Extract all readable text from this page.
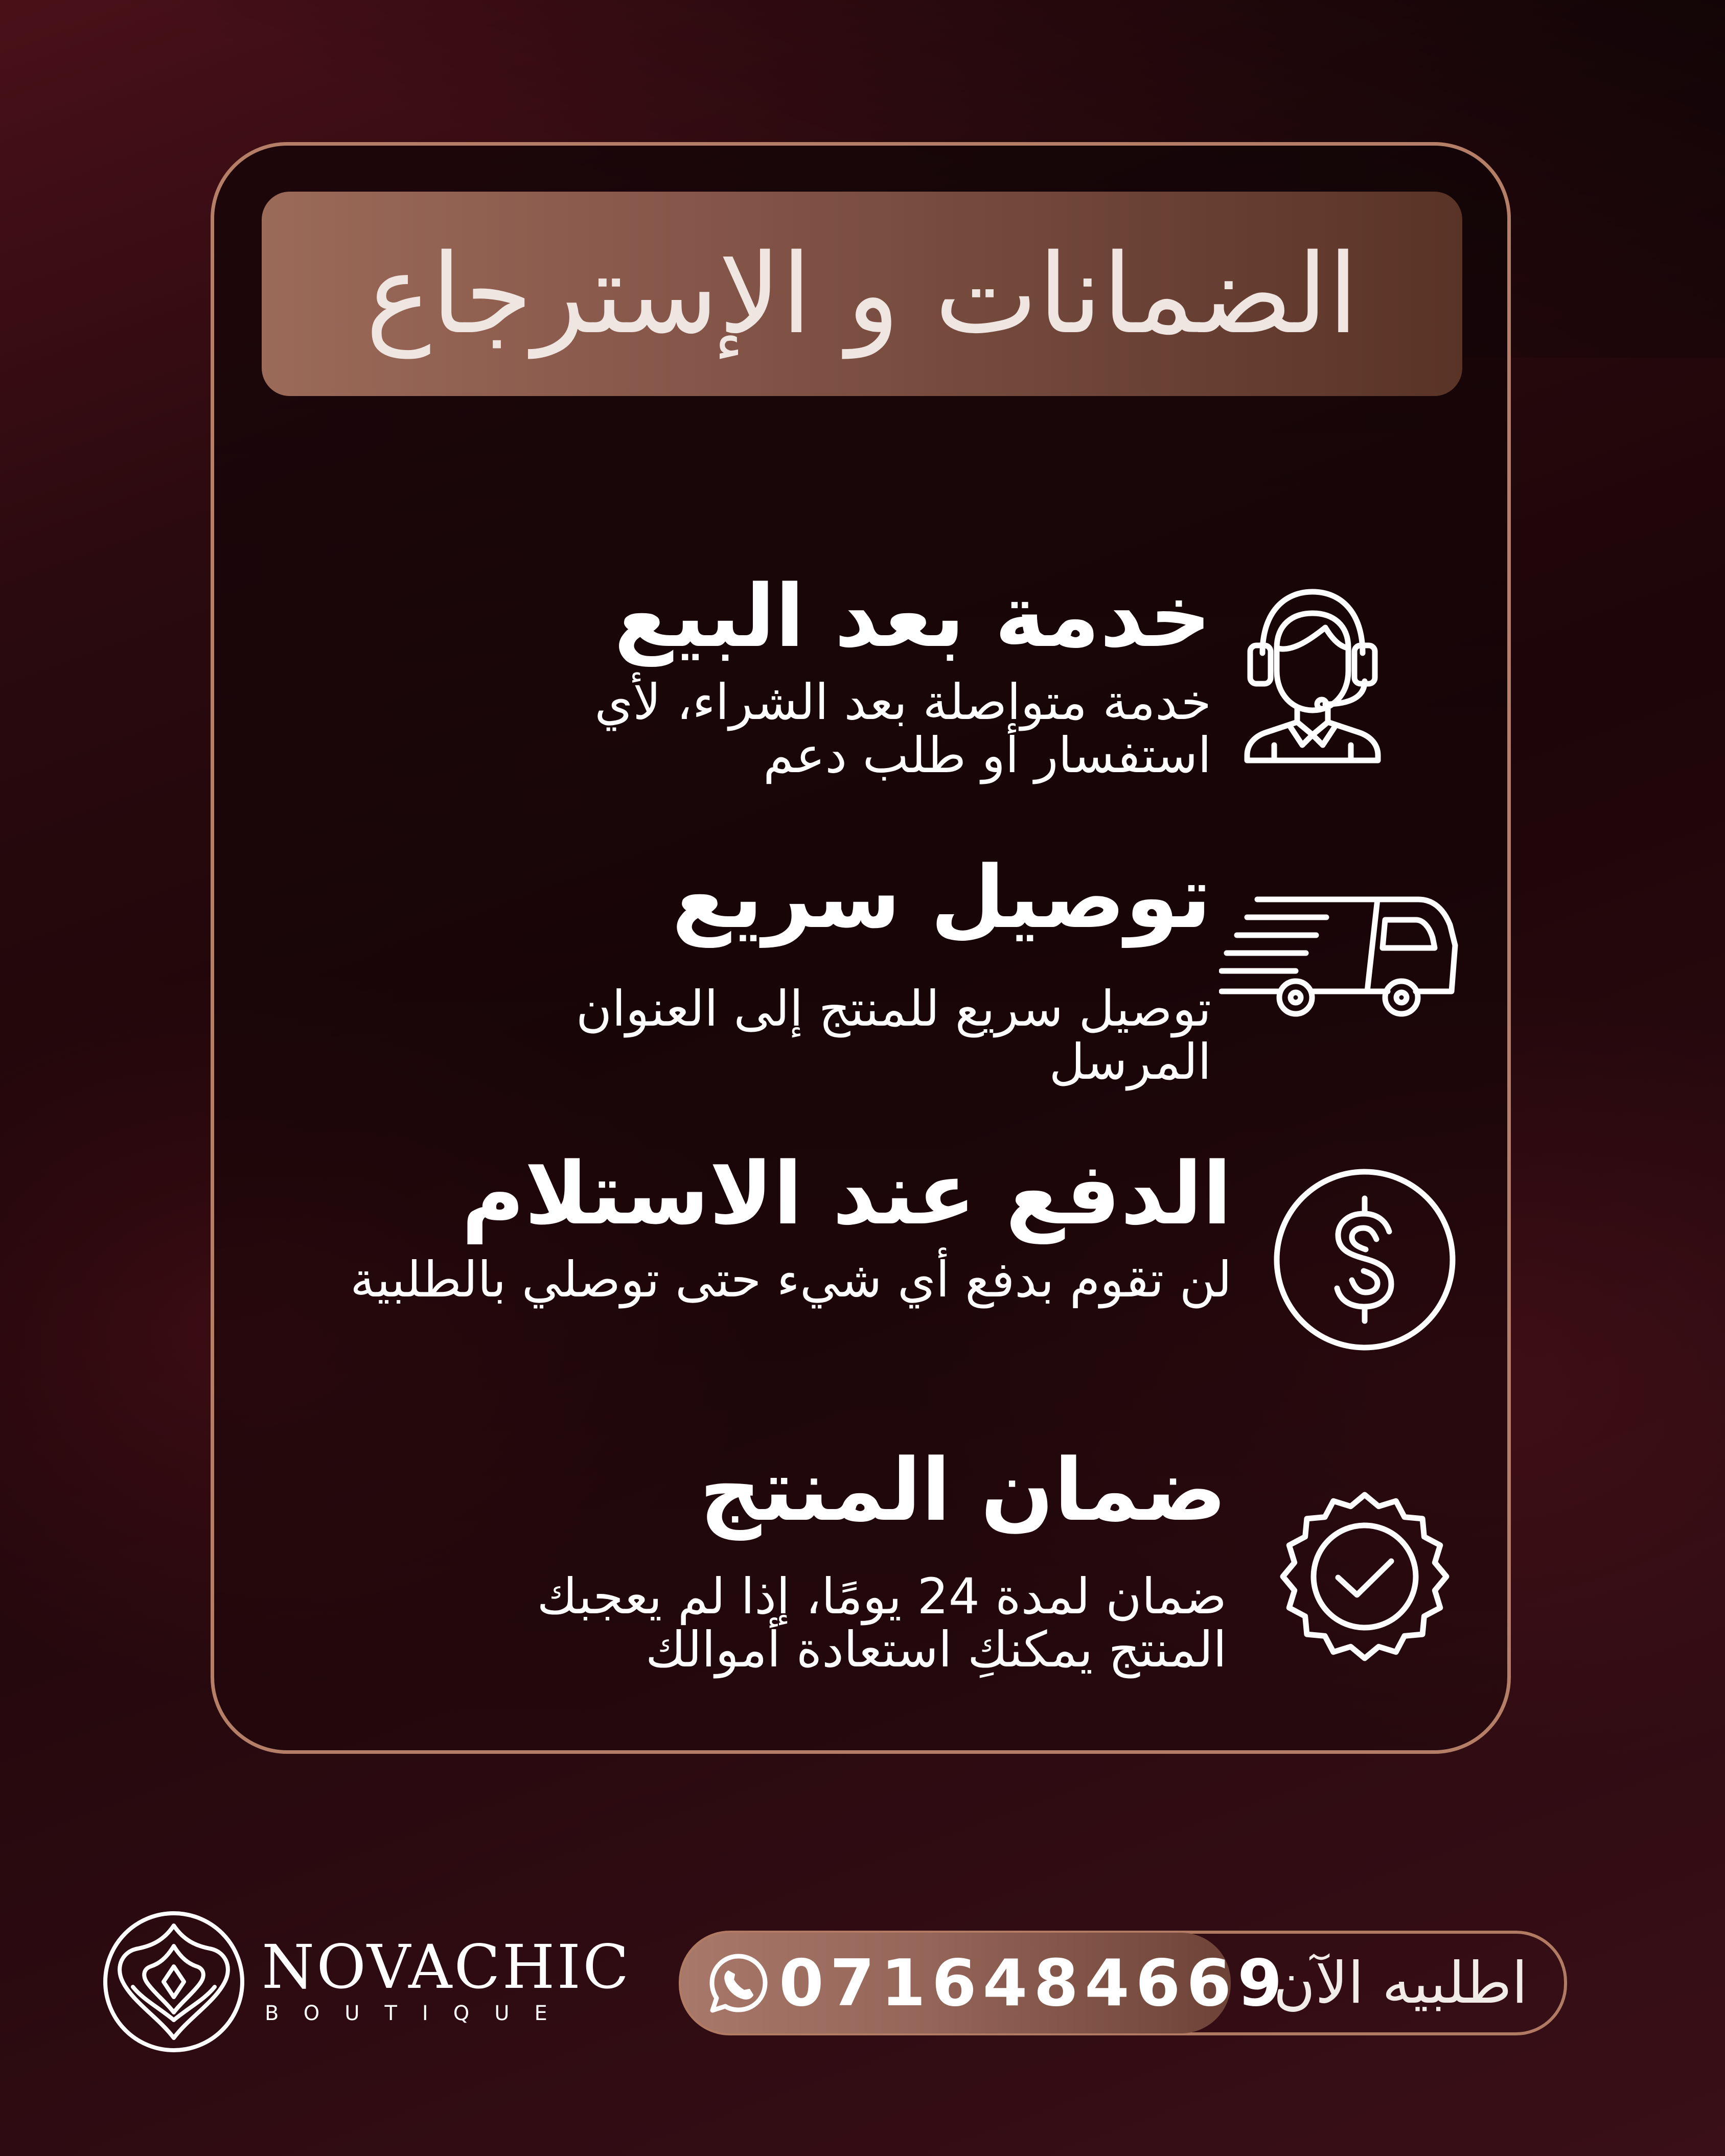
الضمانات و الإسترجاع
خدمة بعد البيع
خدمة متواصلة بعد الشراء، لأي استفسار أو طلب دعم
توصيل سريع
توصيل سريع للمنتج إلى العنوان المرسل
الدفع عند الاستلام
لن تقوم بدفع أي شيء حتى توصلي بالطلبية
ضمان المنتج
ضمان لمدة 24 يومًا، إذا لم يعجبك المنتج يمكنكِ استعادة أموالك
NOVACHIC
BOUTIQUE	0716484669
اطلبيه الآن
